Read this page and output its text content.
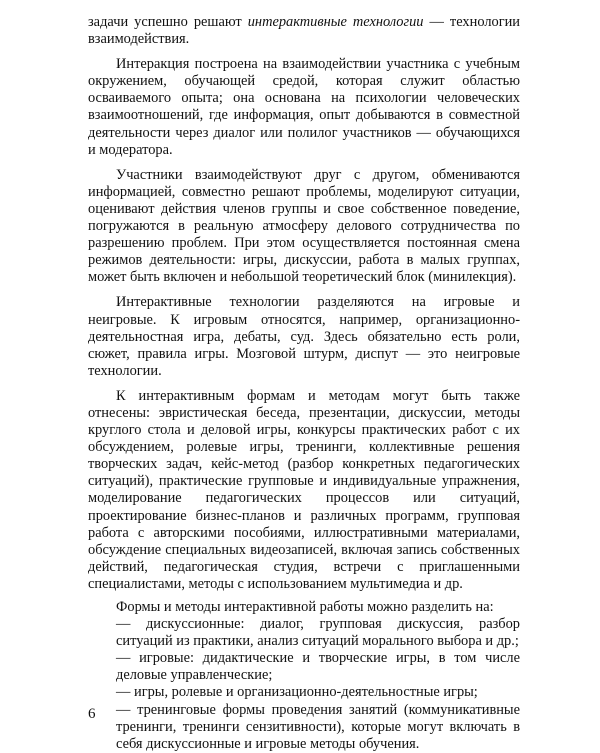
задачи успешно решают интерактивные технологии — технологии взаимодействия.

Интеракция построена на взаимодействии участника с учебным окружением, обучающей средой, которая служит областью осваиваемого опыта; она основана на психологии человеческих взаимоотношений, где информация, опыт добываются в совместной деятельности через диалог или полилог участников — обучающихся и модератора.

Участники взаимодействуют друг с другом, обмениваются информацией, совместно решают проблемы, моделируют ситуации, оценивают действия членов группы и свое собственное поведение, погружаются в реальную атмосферу делового сотрудничества по разрешению проблем. При этом осуществляется постоянная смена режимов деятельности: игры, дискуссии, работа в малых группах, может быть включен и небольшой теоретический блок (минилекция).

Интерактивные технологии разделяются на игровые и неигровые. К игровым относятся, например, организационно-деятельностная игра, дебаты, суд. Здесь обязательно есть роли, сюжет, правила игры. Мозговой штурм, диспут — это неигровые технологии.

К интерактивным формам и методам могут быть также отнесены: эвристическая беседа, презентации, дискуссии, методы круглого стола и деловой игры, конкурсы практических работ с их обсуждением, ролевые игры, тренинги, коллективные решения творческих задач, кейс-метод (разбор конкретных педагогических ситуаций), практические групповые и индивидуальные упражнения, моделирование педагогических процессов или ситуаций, проектирование бизнес-планов и различных программ, групповая работа с авторскими пособиями, иллюстративными материалами, обсуждение специальных видеозаписей, включая запись собственных действий, педагогическая студия, встречи с приглашенными специалистами, методы с использованием мультимедиа и др.

Формы и методы интерактивной работы можно разделить на:

— дискуссионные: диалог, групповая дискуссия, разбор ситуаций из практики, анализ ситуаций морального выбора и др.;

— игровые: дидактические и творческие игры, в том числе деловые управленческие;

— игры, ролевые и организационно-деятельностные игры;

— тренинговые формы проведения занятий (коммуникативные тренинги, тренинги сензитивности), которые могут включать в себя дискуссионные и игровые методы обучения.

6
